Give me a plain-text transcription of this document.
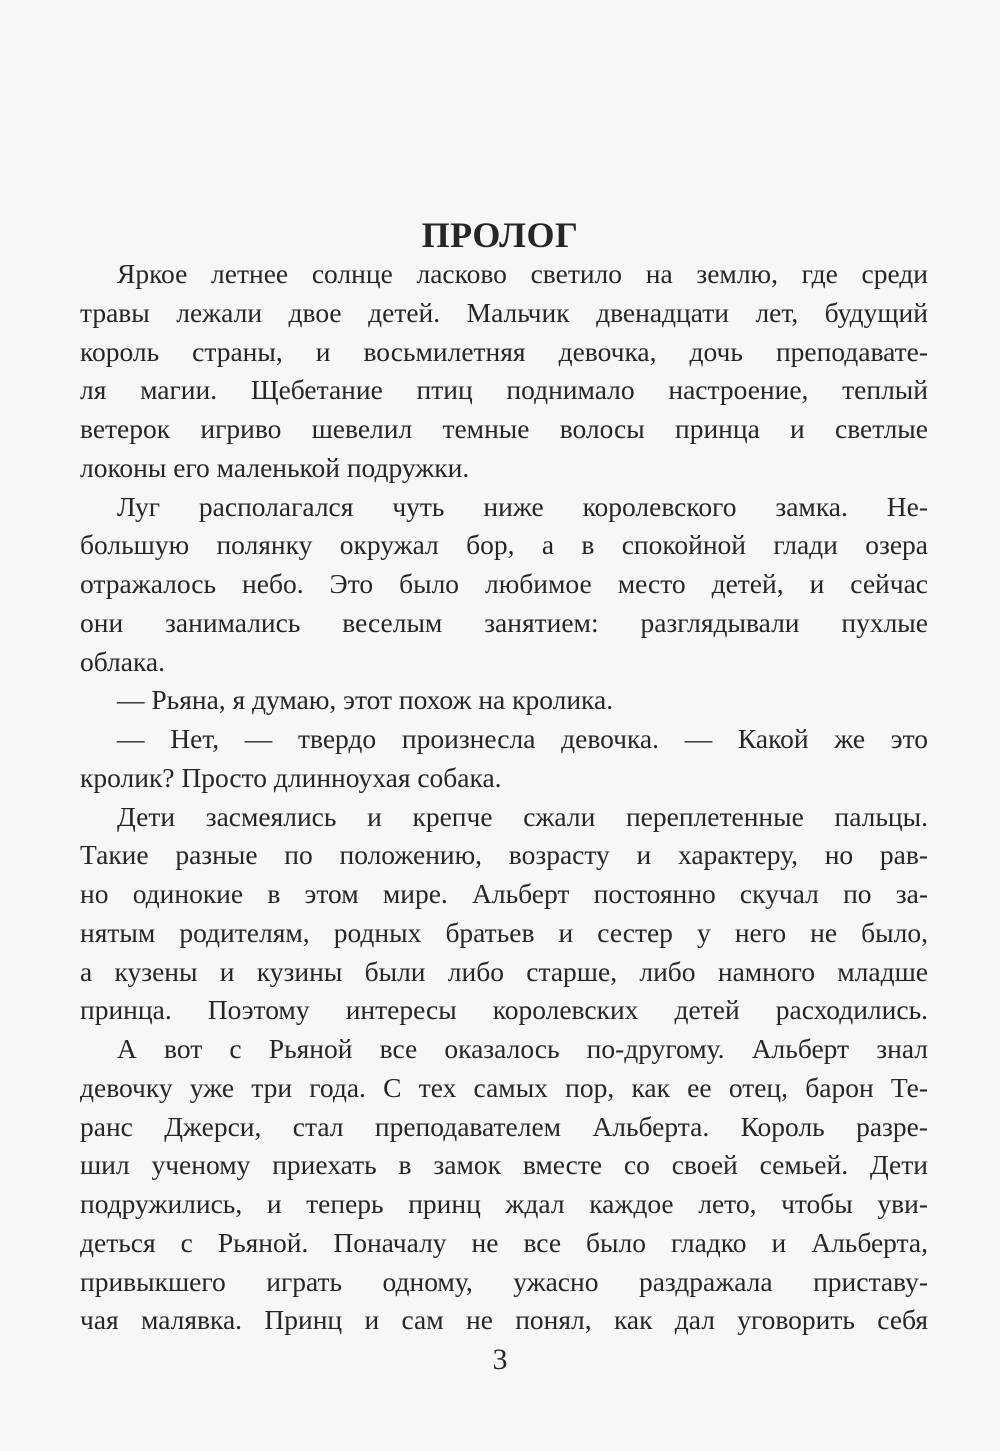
ПРОЛОГ
Яркое летнее солнце ласково светило на землю, где среди
травы лежали двое детей. Мальчик двенадцати лет, будущий
король страны, и восьмилетняя девочка, дочь преподавате-
ля магии. Щебетание птиц поднимало настроение, теплый
ветерок игриво шевелил темные волосы принца и светлые
локоны его маленькой подружки.
Луг располагался чуть ниже королевского замка. Не-
большую полянку окружал бор, а в спокойной глади озера
отражалось небо. Это было любимое место детей, и сейчас
они занимались веселым занятием: разглядывали пухлые
облака.
— Рьяна, я думаю, этот похож на кролика.
— Нет, — твердо произнесла девочка. — Какой же это
кролик? Просто длинноухая собака.
Дети засмеялись и крепче сжали переплетенные пальцы.
Такие разные по положению, возрасту и характеру, но рав-
но одинокие в этом мире. Альберт постоянно скучал по за-
нятым родителям, родных братьев и сестер у него не было,
а кузены и кузины были либо старше, либо намного младше
принца. Поэтому интересы королевских детей расходились.
А вот с Рьяной все оказалось по-другому. Альберт знал
девочку уже три года. С тех самых пор, как ее отец, барон Те-
ранс Джерси, стал преподавателем Альберта. Король разре-
шил ученому приехать в замок вместе со своей семьей. Дети
подружились, и теперь принц ждал каждое лето, чтобы уви-
деться с Рьяной. Поначалу не все было гладко и Альберта,
привыкшего играть одному, ужасно раздражала приставу-
чая малявка. Принц и сам не понял, как дал уговорить себя
3
